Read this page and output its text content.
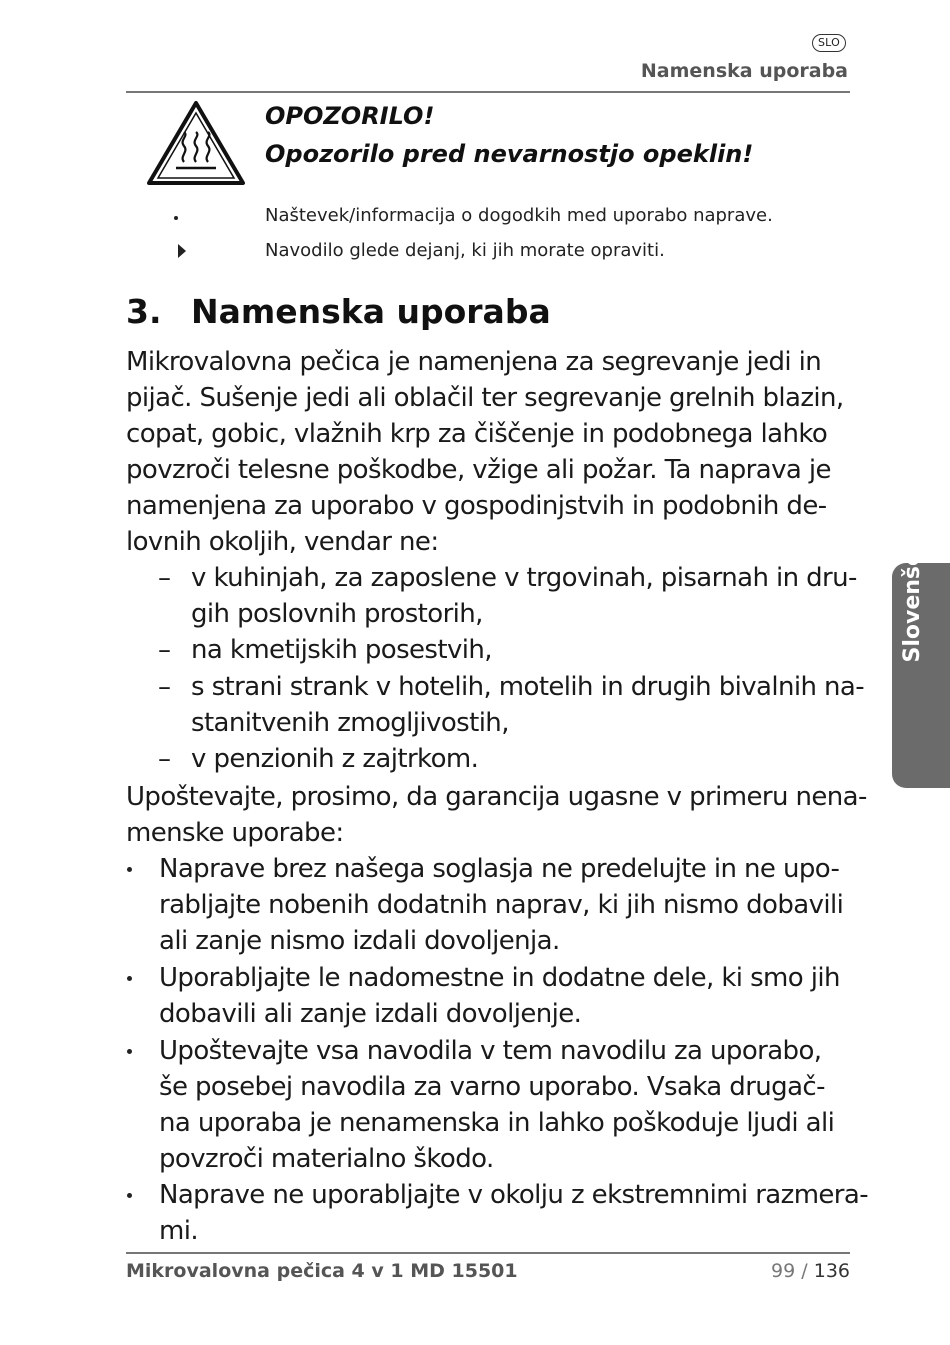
SLO
Namenska uporaba
OPOZORILO!
Opozorilo pred nevarnostjo opeklin!
Naštevek/informacija o dogodkih med uporabo naprave.
Navodilo glede dejanj, ki jih morate opraviti.
3. Namenska uporaba
Mikrovalovna pečica je namenjena za segrevanje jedi in
pijač. Sušenje jedi ali oblačil ter segrevanje grelnih blazin,
copat, gobic, vlažnih krp za čiščenje in podobnega lahko
povzroči telesne poškodbe, vžige ali požar. Ta naprava je
namenjena za uporabo v gospodinjstvih in podobnih de-
lovnih okoljih, vendar ne:
– v kuhinjah, za zaposlene v trgovinah, pisarnah in dru-
gih poslovnih prostorih,
– na kmetijskih posestvih,
– s strani strank v hotelih, motelih in drugih bivalnih na-
stanitvenih zmogljivostih,
– v penzionih z zajtrkom.
Upoštevajte, prosimo, da garancija ugasne v primeru nena-
menske uporabe:
Naprave brez našega soglasja ne predelujte in ne upo-
rabljajte nobenih dodatnih naprav, ki jih nismo dobavili
ali zanje nismo izdali dovoljenja.
Uporabljajte le nadomestne in dodatne dele, ki smo jih
dobavili ali zanje izdali dovoljenje.
Upoštevajte vsa navodila v tem navodilu za uporabo,
še posebej navodila za varno uporabo. Vsaka drugač-
na uporaba je nenamenska in lahko poškoduje ljudi ali
povzroči materialno škodo.
Naprave ne uporabljajte v okolju z ekstremnimi razmera-
mi.
Slovenščina
Mikrovalovna pečica 4 v 1 MD 15501	99 / 136
